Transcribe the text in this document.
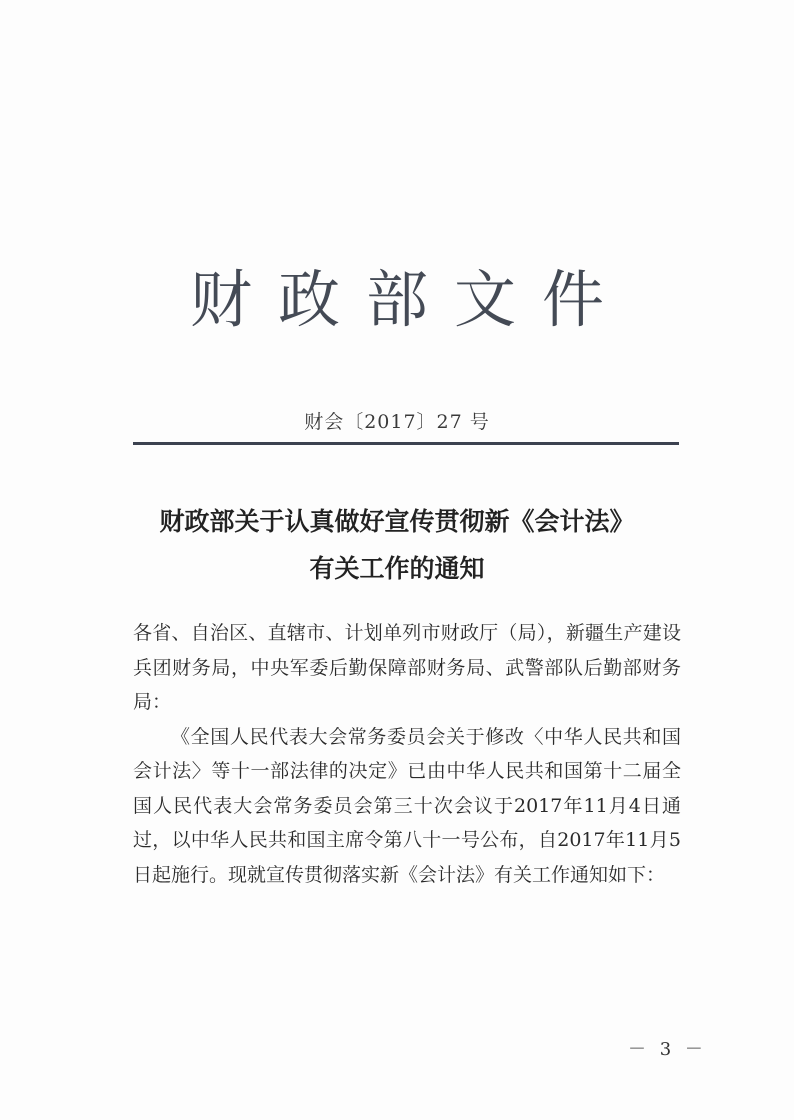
财政部文件
财会〔2017〕27 号
财政部关于认真做好宣传贯彻新《会计法》
有关工作的通知

各省、自治区、直辖市、计划单列市财政厅（局），新疆生产建设兵团财务局，中央军委后勤保障部财务局、武警部队后勤部财务局：

《全国人民代表大会常务委员会关于修改〈中华人民共和国会计法〉等十一部法律的决定》已由中华人民共和国第十二届全国人民代表大会常务委员会第三十次会议于2017年11月4日通过，以中华人民共和国主席令第八十一号公布，自2017年11月5日起施行。现就宣传贯彻落实新《会计法》有关工作通知如下：

－ 3 －
